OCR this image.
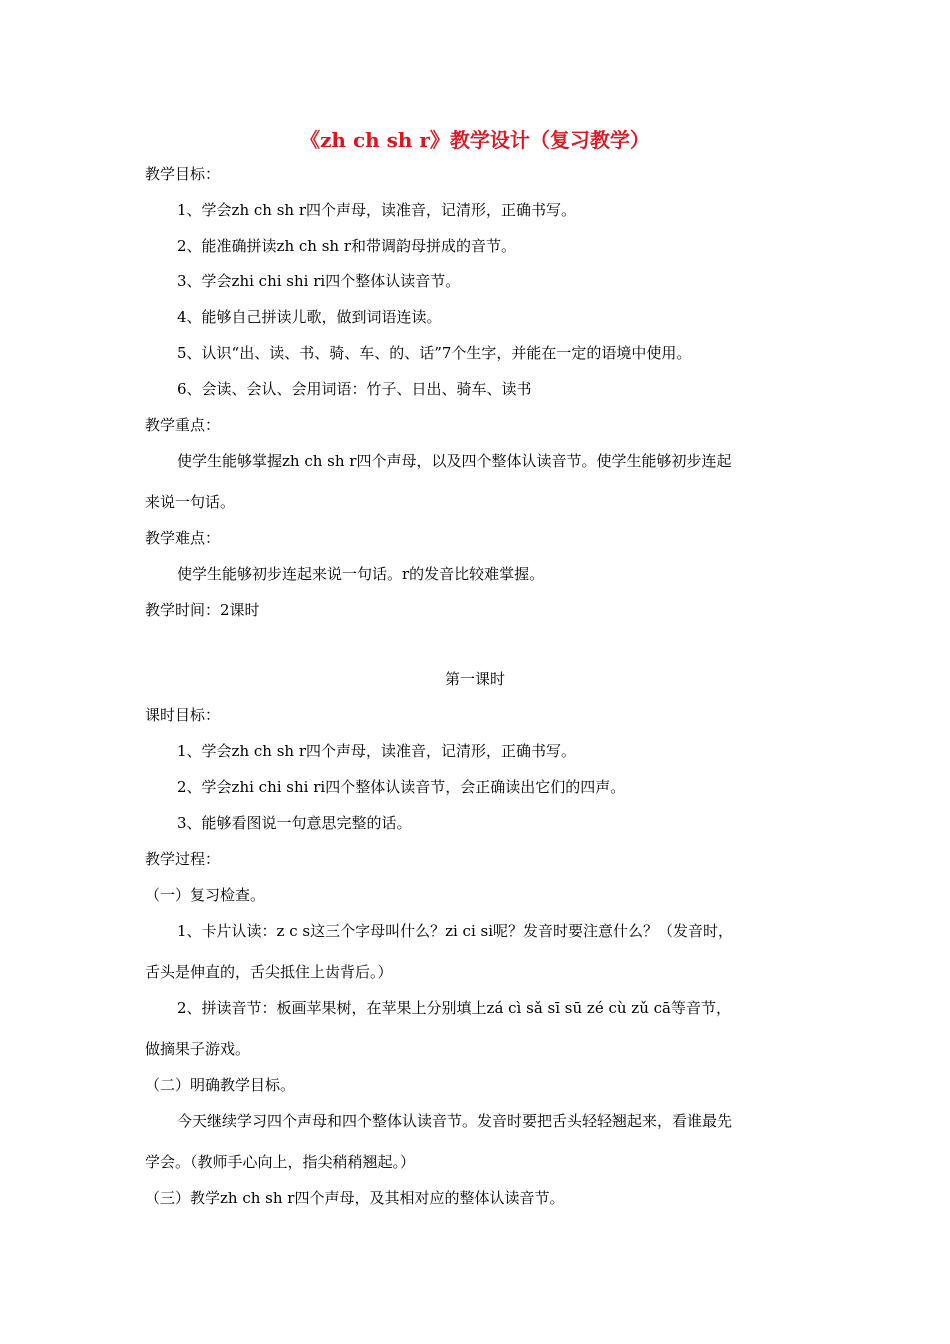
《zh ch sh r》教学设计（复习教学）
教学目标：
1、学会zh ch sh r四个声母，读准音，记清形，正确书写。
2、能准确拼读zh ch sh r和带调韵母拼成的音节。
3、学会zhi chi shi ri四个整体认读音节。
4、能够自己拼读儿歌，做到词语连读。
5、认识“出、读、书、骑、车、的、话”7个生字，并能在一定的语境中使用。
6、会读、会认、会用词语：竹子、日出、骑车、读书
教学重点：
使学生能够掌握zh ch sh r四个声母，以及四个整体认读音节。使学生能够初步连起
来说一句话。
教学难点：
使学生能够初步连起来说一句话。r的发音比较难掌握。
教学时间：2课时
第一课时
课时目标：
1、学会zh ch sh r四个声母，读准音，记清形，正确书写。
2、学会zhi chi shi ri四个整体认读音节，会正确读出它们的四声。
3、能够看图说一句意思完整的话。
教学过程：
（一）复习检查。
1、卡片认读：z c s这三个字母叫什么？zi ci si呢？发音时要注意什么？（发音时，
舌头是伸直的，舌尖抵住上齿背后。）
2、拼读音节：板画苹果树，在苹果上分别填上zá cì sǎ sī sū zé cù zǔ cā等音节，
做摘果子游戏。
（二）明确教学目标。
今天继续学习四个声母和四个整体认读音节。发音时要把舌头轻轻翘起来，看谁最先
学会。（教师手心向上，指尖稍稍翘起。）
（三）教学zh ch sh r四个声母，及其相对应的整体认读音节。
